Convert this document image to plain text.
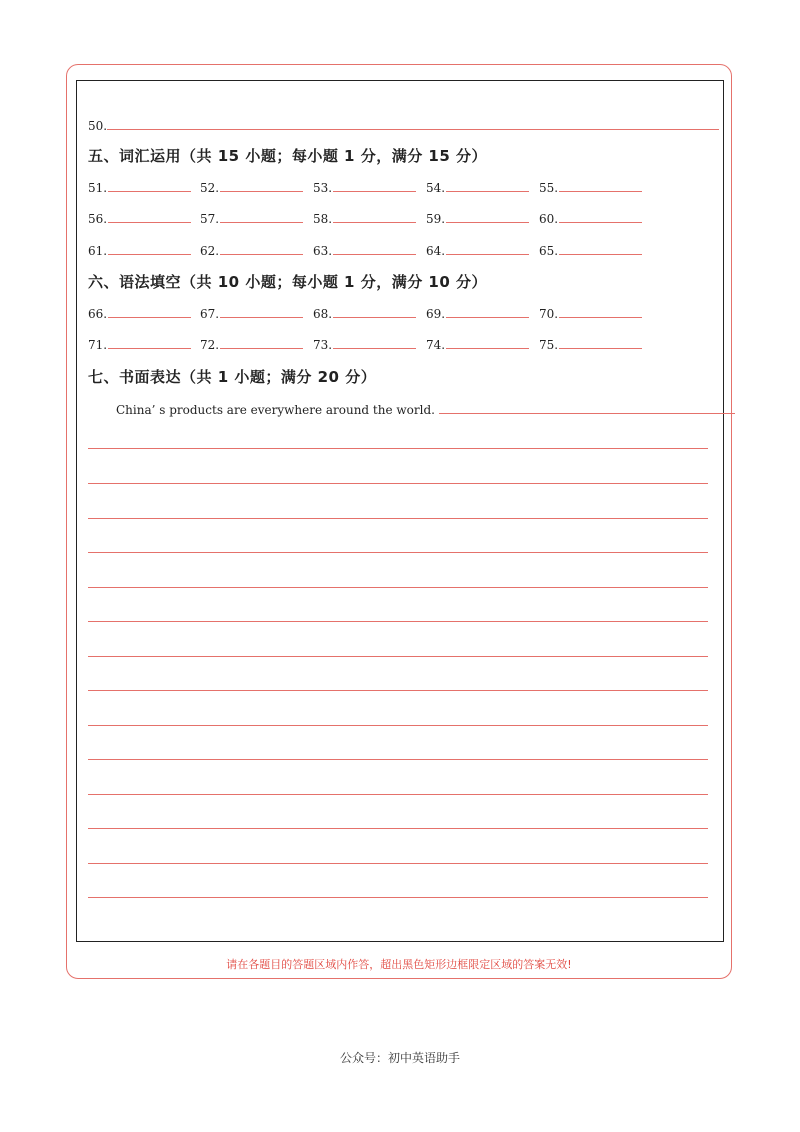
50.
五、词汇运用（共 15 小题；每小题 1 分，满分 15 分）
51.	52.	53.	54.	55.
56.	57.	58.	59.	60.
61.	62.	63.	64.	65.
六、语法填空（共 10 小题；每小题 1 分，满分 10 分）
66.	67.	68.	69.	70.
71.	72.	73.	74.	75.
七、书面表达（共 1 小题；满分 20 分）
China’ s products are everywhere around the world.
请在各题目的答题区域内作答，超出黑色矩形边框限定区域的答案无效!
公众号：初中英语助手
